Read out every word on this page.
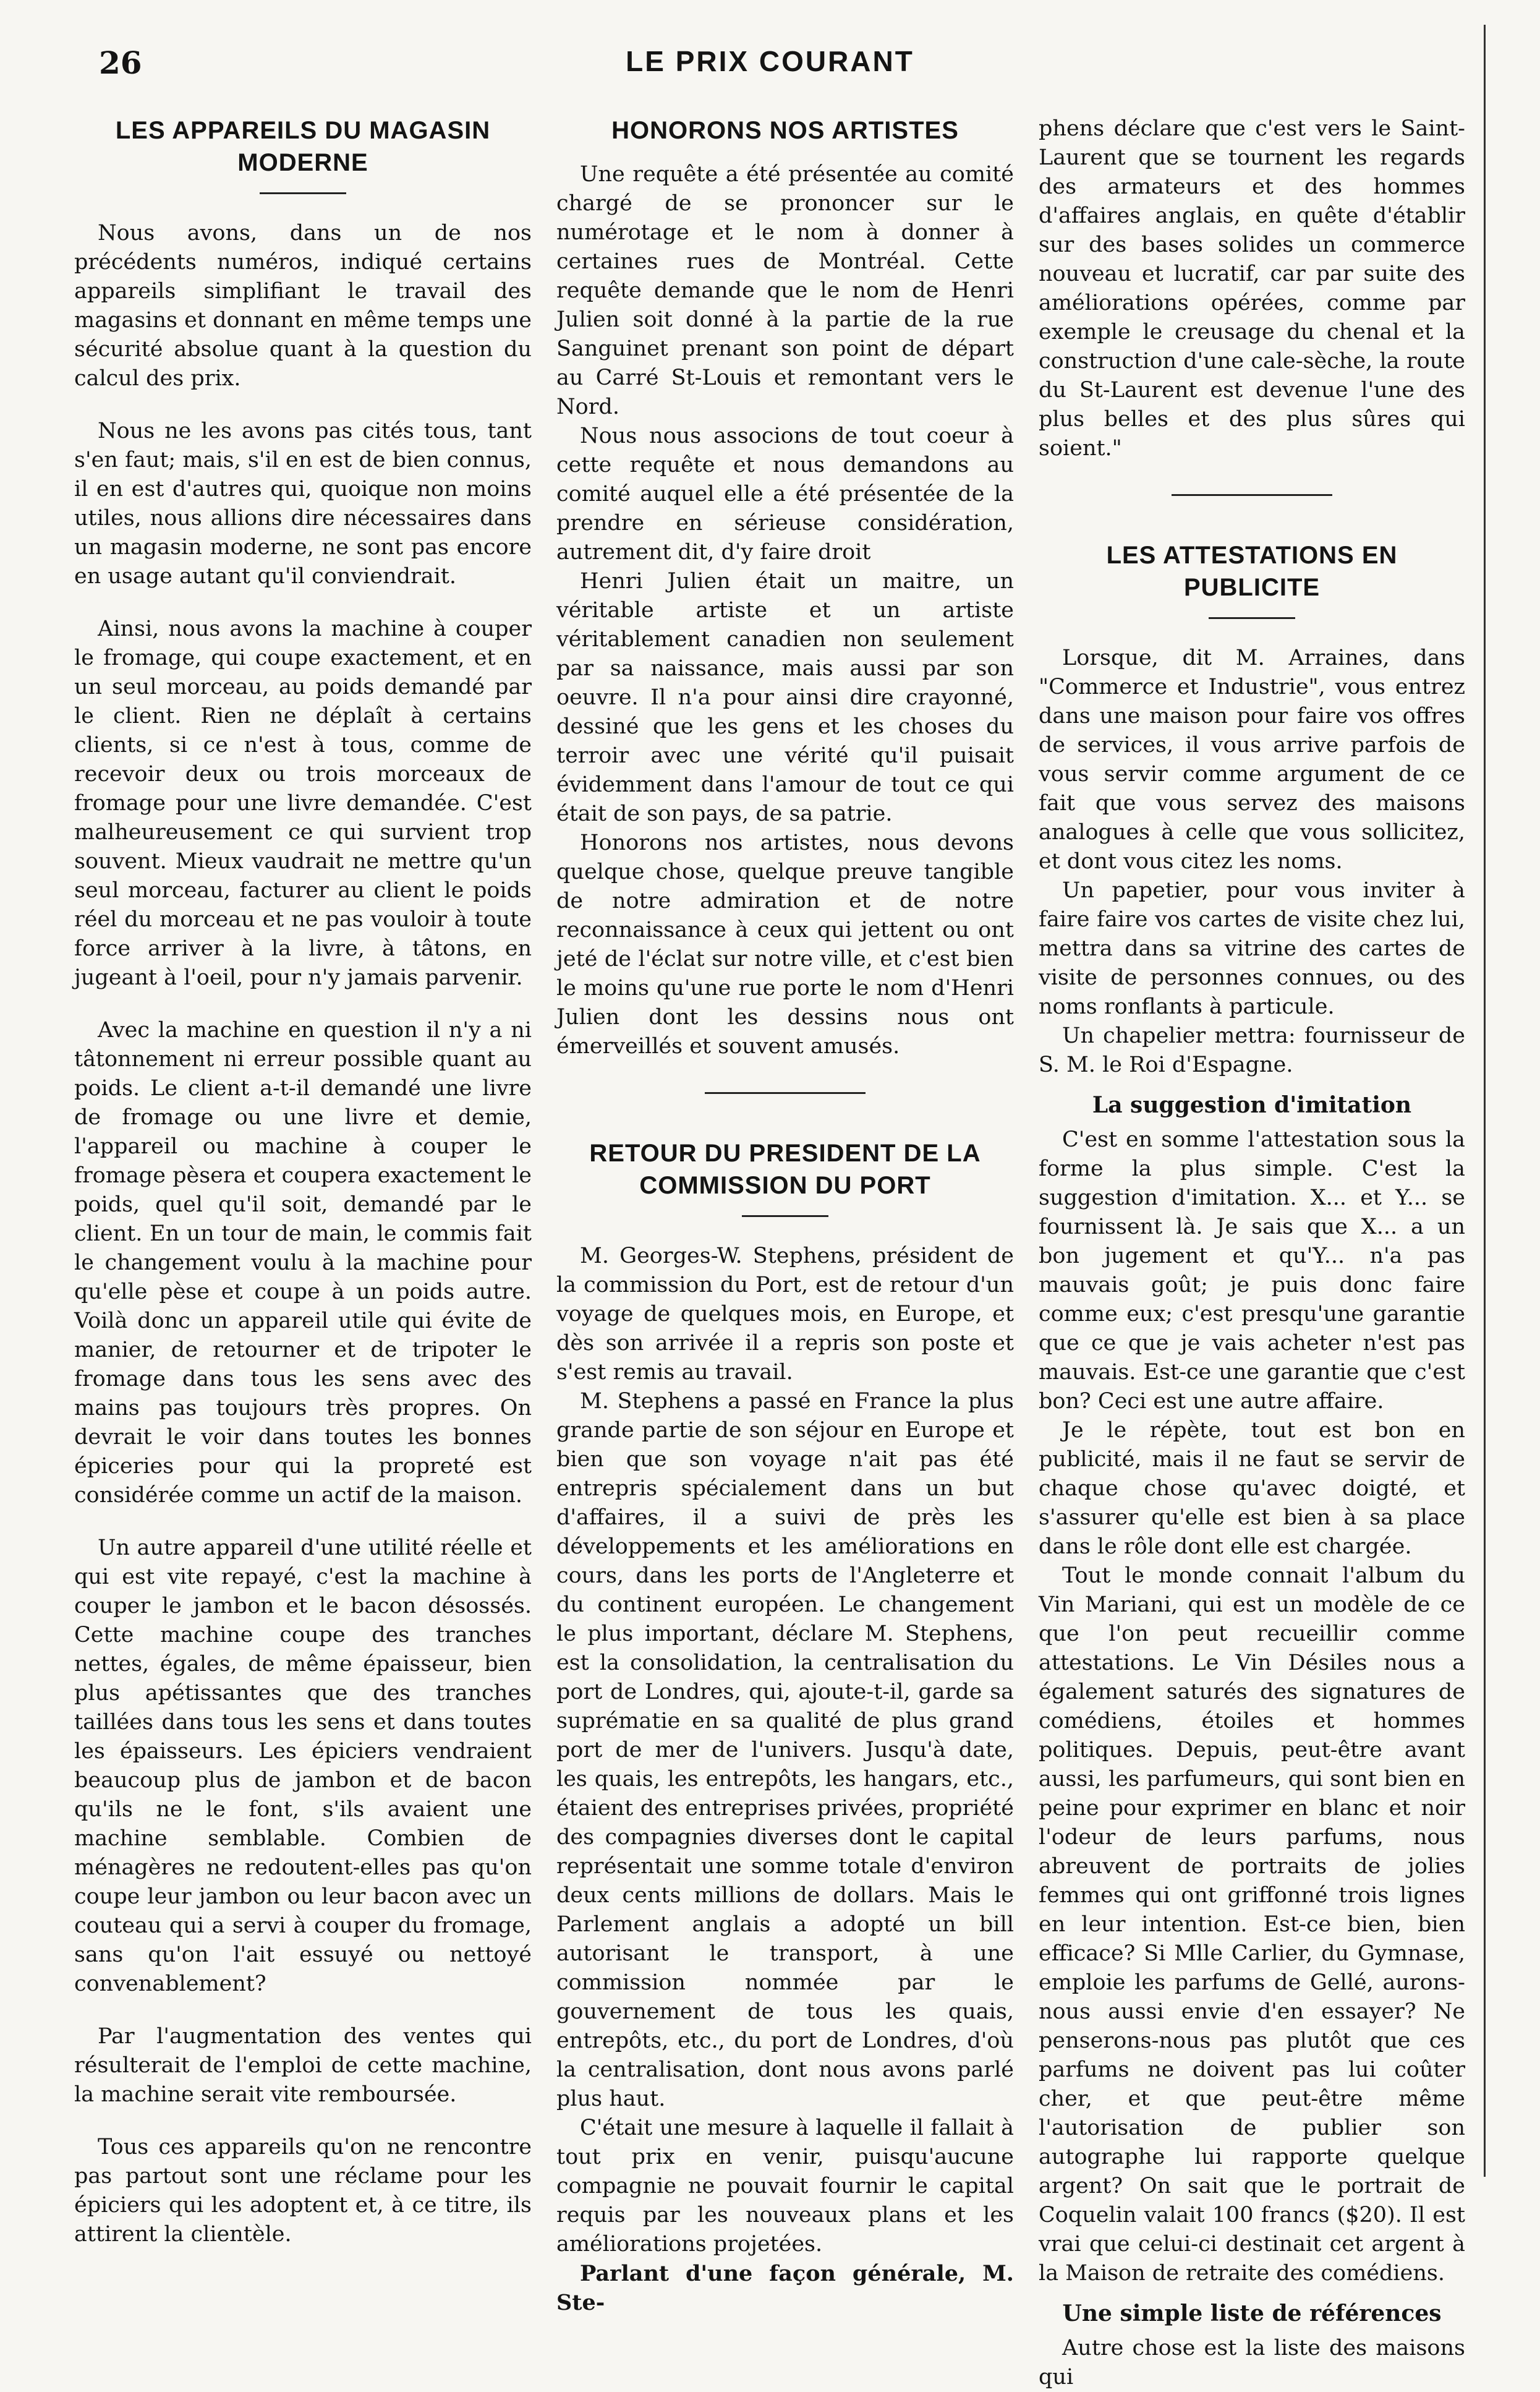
26	LE PRIX COURANT
LES APPAREILS DU MAGASIN MODERNE

Nous avons, dans un de nos précédents numéros, indiqué certains appareils simplifiant le travail des magasins et donnant en même temps une sécurité absolue quant à la question du calcul des prix.

Nous ne les avons pas cités tous, tant s'en faut; mais, s'il en est de bien connus, il en est d'autres qui, quoique non moins utiles, nous allions dire nécessaires dans un magasin moderne, ne sont pas encore en usage autant qu'il conviendrait.

Ainsi, nous avons la machine à couper le fromage, qui coupe exactement, et en un seul morceau, au poids demandé par le client. Rien ne déplaît à certains clients, si ce n'est à tous, comme de recevoir deux ou trois morceaux de fromage pour une livre demandée. C'est malheureusement ce qui survient trop souvent. Mieux vaudrait ne mettre qu'un seul morceau, facturer au client le poids réel du morceau et ne pas vouloir à toute force arriver à la livre, à tâtons, en jugeant à l'oeil, pour n'y jamais parvenir.

Avec la machine en question il n'y a ni tâtonnement ni erreur possible quant au poids. Le client a-t-il demandé une livre de fromage ou une livre et demie, l'appareil ou machine à couper le fromage pèsera et coupera exactement le poids, quel qu'il soit, demandé par le client. En un tour de main, le commis fait le changement voulu à la machine pour qu'elle pèse et coupe à un poids autre. Voilà donc un appareil utile qui évite de manier, de retourner et de tripoter le fromage dans tous les sens avec des mains pas toujours très propres. On devrait le voir dans toutes les bonnes épiceries pour qui la propreté est considérée comme un actif de la maison.

Un autre appareil d'une utilité réelle et qui est vite repayé, c'est la machine à couper le jambon et le bacon désossés. Cette machine coupe des tranches nettes, égales, de même épaisseur, bien plus apétissantes que des tranches taillées dans tous les sens et dans toutes les épaisseurs. Les épiciers vendraient beaucoup plus de jambon et de bacon qu'ils ne le font, s'ils avaient une machine semblable. Combien de ménagères ne redoutent-elles pas qu'on coupe leur jambon ou leur bacon avec un couteau qui a servi à couper du fromage, sans qu'on l'ait essuyé ou nettoyé convenablement?

Par l'augmentation des ventes qui résulterait de l'emploi de cette machine, la machine serait vite remboursée.

Tous ces appareils qu'on ne rencontre pas partout sont une réclame pour les épiciers qui les adoptent et, à ce titre, ils attirent la clientèle.

HONORONS NOS ARTISTES

Une requête a été présentée au comité chargé de se prononcer sur le numérotage et le nom à donner à certaines rues de Montréal. Cette requête demande que le nom de Henri Julien soit donné à la partie de la rue Sanguinet prenant son point de départ au Carré St-Louis et remontant vers le Nord.

Nous nous associons de tout coeur à cette requête et nous demandons au comité auquel elle a été présentée de la prendre en sérieuse considération, autrement dit, d'y faire droit

Henri Julien était un maitre, un véritable artiste et un artiste véritablement canadien non seulement par sa naissance, mais aussi par son oeuvre. Il n'a pour ainsi dire crayonné, dessiné que les gens et les choses du terroir avec une vérité qu'il puisait évidemment dans l'amour de tout ce qui était de son pays, de sa patrie.

Honorons nos artistes, nous devons quelque chose, quelque preuve tangible de notre admiration et de notre reconnaissance à ceux qui jettent ou ont jeté de l'éclat sur notre ville, et c'est bien le moins qu'une rue porte le nom d'Henri Julien dont les dessins nous ont émerveillés et souvent amusés.

RETOUR DU PRESIDENT DE LA COMMISSION DU PORT

M. Georges-W. Stephens, président de la commission du Port, est de retour d'un voyage de quelques mois, en Europe, et dès son arrivée il a repris son poste et s'est remis au travail.

M. Stephens a passé en France la plus grande partie de son séjour en Europe et bien que son voyage n'ait pas été entrepris spécialement dans un but d'affaires, il a suivi de près les développements et les améliorations en cours, dans les ports de l'Angleterre et du continent européen. Le changement le plus important, déclare M. Stephens, est la consolidation, la centralisation du port de Londres, qui, ajoute-t-il, garde sa suprématie en sa qualité de plus grand port de mer de l'univers. Jusqu'à date, les quais, les entrepôts, les hangars, etc., étaient des entreprises privées, propriété des compagnies diverses dont le capital représentait une somme totale d'environ deux cents millions de dollars. Mais le Parlement anglais a adopté un bill autorisant le transport, à une commission nommée par le gouvernement de tous les quais, entrepôts, etc., du port de Londres, d'où la centralisation, dont nous avons parlé plus haut.

C'était une mesure à laquelle il fallait à tout prix en venir, puisqu'aucune compagnie ne pouvait fournir le capital requis par les nouveaux plans et les améliorations projetées.

Parlant d'une façon générale, M. Ste-

phens déclare que c'est vers le Saint-Laurent que se tournent les regards des armateurs et des hommes d'affaires anglais, en quête d'établir sur des bases solides un commerce nouveau et lucratif, car par suite des améliorations opérées, comme par exemple le creusage du chenal et la construction d'une cale-sèche, la route du St-Laurent est devenue l'une des plus belles et des plus sûres qui soient."

LES ATTESTATIONS EN PUBLICITE

Lorsque, dit M. Arraines, dans "Commerce et Industrie", vous entrez dans une maison pour faire vos offres de services, il vous arrive parfois de vous servir comme argument de ce fait que vous servez des maisons analogues à celle que vous sollicitez, et dont vous citez les noms.

Un papetier, pour vous inviter à faire faire vos cartes de visite chez lui, mettra dans sa vitrine des cartes de visite de personnes connues, ou des noms ronflants à particule.

Un chapelier mettra: fournisseur de S. M. le Roi d'Espagne.

La suggestion d'imitation

C'est en somme l'attestation sous la forme la plus simple. C'est la suggestion d'imitation. X... et Y... se fournissent là. Je sais que X... a un bon jugement et qu'Y... n'a pas mauvais goût; je puis donc faire comme eux; c'est presqu'une garantie que ce que je vais acheter n'est pas mauvais. Est-ce une garantie que c'est bon? Ceci est une autre affaire.

Je le répète, tout est bon en publicité, mais il ne faut se servir de chaque chose qu'avec doigté, et s'assurer qu'elle est bien à sa place dans le rôle dont elle est chargée.

Tout le monde connait l'album du Vin Mariani, qui est un modèle de ce que l'on peut recueillir comme attestations. Le Vin Désiles nous a également saturés des signatures de comédiens, étoiles et hommes politiques. Depuis, peut-être avant aussi, les parfumeurs, qui sont bien en peine pour exprimer en blanc et noir l'odeur de leurs parfums, nous abreuvent de portraits de jolies femmes qui ont griffonné trois lignes en leur intention. Est-ce bien, bien efficace? Si Mlle Carlier, du Gymnase, emploie les parfums de Gellé, aurons-nous aussi envie d'en essayer? Ne penserons-nous pas plutôt que ces parfums ne doivent pas lui coûter cher, et que peut-être même l'autorisation de publier son autographe lui rapporte quelque argent? On sait que le portrait de Coquelin valait 100 francs ($20). Il est vrai que celui-ci destinait cet argent à la Maison de retraite des comédiens.

Une simple liste de références

Autre chose est la liste des maisons qui
